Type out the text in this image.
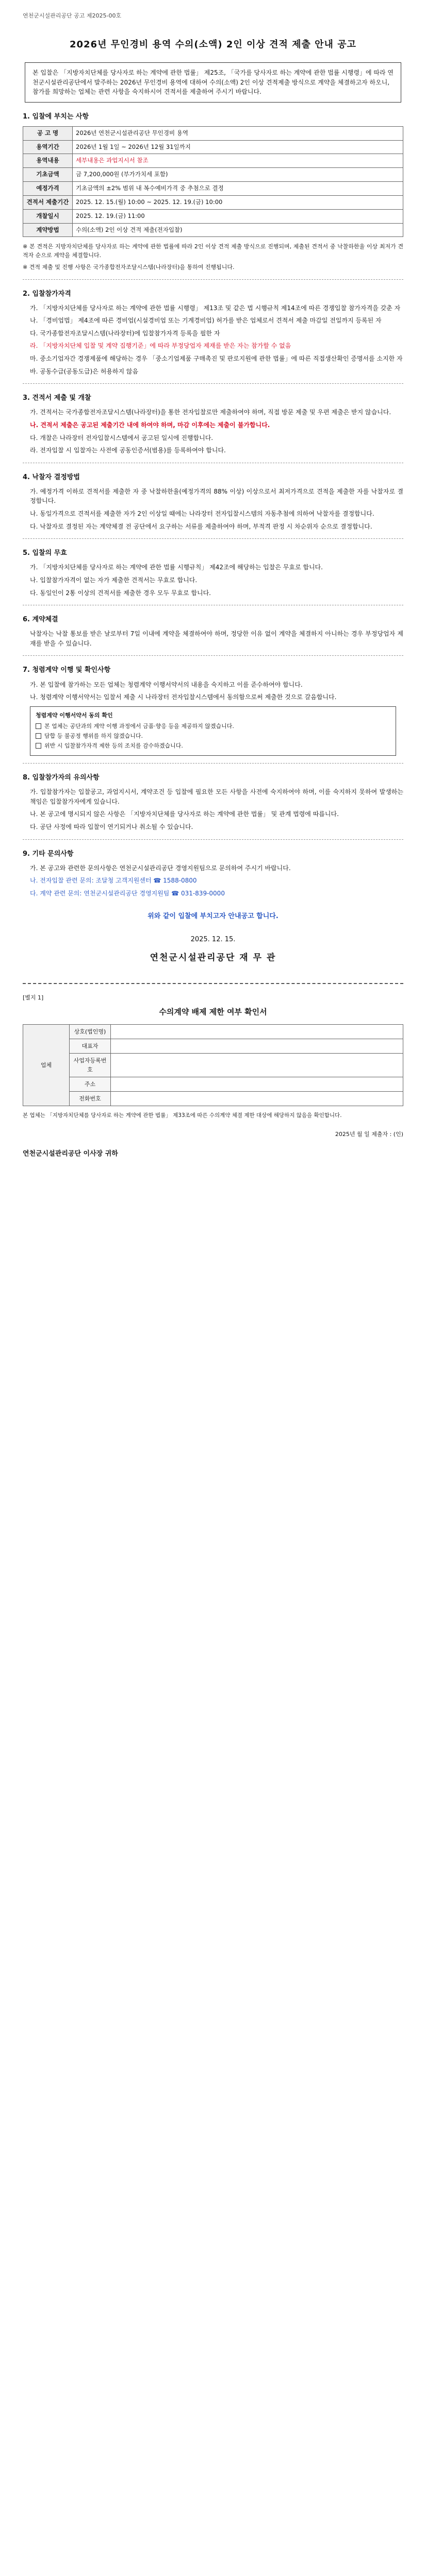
연천군시설관리공단 공고 제2025-00호
2026년 무인경비 용역 수의(소액) 2인 이상 견적 제출 안내 공고
본 입찰은 「지방자치단체를 당사자로 하는 계약에 관한 법률」 제25조, 「국가를 당사자로 하는 계약에 관한 법률 시행령」에 따라 연천군시설관리공단에서 발주하는 2026년 무인경비 용역에 대하여 수의(소액) 2인 이상 견적제출 방식으로 계약을 체결하고자 하오니, 참가를 희망하는 업체는 관련 사항을 숙지하시어 견적서를 제출하여 주시기 바랍니다.
1. 입찰에 부치는 사항
공 고 명	2026년 연천군시설관리공단 무인경비 용역
용역기간	2026년 1월 1일 ~ 2026년 12월 31일까지
용역내용	세부내용은 과업지시서 참조
기초금액	금 7,200,000원 (부가가치세 포함)
예정가격	기초금액의 ±2% 범위 내 복수예비가격 중 추첨으로 결정
견적서 제출기간	2025. 12. 15.(월) 10:00 ~ 2025. 12. 19.(금) 10:00
개찰일시	2025. 12. 19.(금) 11:00
계약방법	수의(소액) 2인 이상 견적 제출(전자입찰)
※ 본 견적은 지방자치단체를 당사자로 하는 계약에 관한 법률에 따라 2인 이상 견적 제출 방식으로 진행되며, 제출된 견적서 중 낙찰하한율 이상 최저가 견적자 순으로 계약을 체결합니다.
※ 견적 제출 및 진행 사항은 국가종합전자조달시스템(나라장터)을 통하여 진행됩니다.
2. 입찰참가자격
가. 「지방자치단체를 당사자로 하는 계약에 관한 법률 시행령」 제13조 및 같은 법 시행규칙 제14조에 따른 경쟁입찰 참가자격을 갖춘 자
나. 「경비업법」 제4조에 따른 경비업(시설경비업 또는 기계경비업) 허가를 받은 업체로서 견적서 제출 마감일 전일까지 등록된 자
다. 국가종합전자조달시스템(나라장터)에 입찰참가자격 등록을 필한 자
라. 「지방자치단체 입찰 및 계약 집행기준」에 따라 부정당업자 제재를 받은 자는 참가할 수 없음
마. 중소기업자간 경쟁제품에 해당하는 경우 「중소기업제품 구매촉진 및 판로지원에 관한 법률」에 따른 직접생산확인 증명서를 소지한 자
바. 공동수급(공동도급)은 허용하지 않음
3. 견적서 제출 및 개찰
가. 견적서는 국가종합전자조달시스템(나라장터)을 통한 전자입찰로만 제출하여야 하며, 직접 방문 제출 및 우편 제출은 받지 않습니다.
나. 견적서 제출은 공고된 제출기간 내에 하여야 하며, 마감 이후에는 제출이 불가합니다.
다. 개찰은 나라장터 전자입찰시스템에서 공고된 일시에 진행합니다.
라. 전자입찰 시 입찰자는 사전에 공동인증서(범용)를 등록하여야 합니다.
4. 낙찰자 결정방법
가. 예정가격 이하로 견적서를 제출한 자 중 낙찰하한율(예정가격의 88% 이상) 이상으로서 최저가격으로 견적을 제출한 자를 낙찰자로 결정합니다.
나. 동일가격으로 견적서를 제출한 자가 2인 이상일 때에는 나라장터 전자입찰시스템의 자동추첨에 의하여 낙찰자를 결정합니다.
다. 낙찰자로 결정된 자는 계약체결 전 공단에서 요구하는 서류를 제출하여야 하며, 부적격 판정 시 차순위자 순으로 결정합니다.
5. 입찰의 무효
가. 「지방자치단체를 당사자로 하는 계약에 관한 법률 시행규칙」 제42조에 해당하는 입찰은 무효로 합니다.
나. 입찰참가자격이 없는 자가 제출한 견적서는 무효로 합니다.
다. 동일인이 2통 이상의 견적서를 제출한 경우 모두 무효로 합니다.
6. 계약체결
낙찰자는 낙찰 통보를 받은 날로부터 7일 이내에 계약을 체결하여야 하며, 정당한 이유 없이 계약을 체결하지 아니하는 경우 부정당업자 제재를 받을 수 있습니다.
7. 청렴계약 이행 및 확인사항
가. 본 입찰에 참가하는 모든 업체는 청렴계약 이행서약서의 내용을 숙지하고 이를 준수하여야 합니다.
나. 청렴계약 이행서약서는 입찰서 제출 시 나라장터 전자입찰시스템에서 동의함으로써 제출한 것으로 갈음합니다.
청렴계약 이행서약서 동의 확인
본 업체는 공단과의 계약 이행 과정에서 금품·향응 등을 제공하지 않겠습니다.
담합 등 불공정 행위를 하지 않겠습니다.
위반 시 입찰참가자격 제한 등의 조치를 감수하겠습니다.
8. 입찰참가자의 유의사항
가. 입찰참가자는 입찰공고, 과업지시서, 계약조건 등 입찰에 필요한 모든 사항을 사전에 숙지하여야 하며, 이를 숙지하지 못하여 발생하는 책임은 입찰참가자에게 있습니다.
나. 본 공고에 명시되지 않은 사항은 「지방자치단체를 당사자로 하는 계약에 관한 법률」 및 관계 법령에 따릅니다.
다. 공단 사정에 따라 입찰이 연기되거나 취소될 수 있습니다.
9. 기타 문의사항
가. 본 공고와 관련한 문의사항은 연천군시설관리공단 경영지원팀으로 문의하여 주시기 바랍니다.
나. 전자입찰 관련 문의: 조달청 고객지원센터 ☎ 1588-0800
다. 계약 관련 문의: 연천군시설관리공단 경영지원팀 ☎ 031-839-0000
위와 같이 입찰에 부치고자 안내공고 합니다.
2025. 12. 15.
연천군시설관리공단 재 무 관
[별지 1]
수의계약 배제 제한 여부 확인서
업체	상호(법인명)	
	대표자	
	사업자등록번호	
	주소	
	전화번호	
본 업체는 「지방자치단체를 당사자로 하는 계약에 관한 법률」 제33조에 따른 수의계약 체결 제한 대상에 해당하지 않음을 확인합니다.
2025년 월 일 제출자 : (인)
연천군시설관리공단 이사장 귀하
